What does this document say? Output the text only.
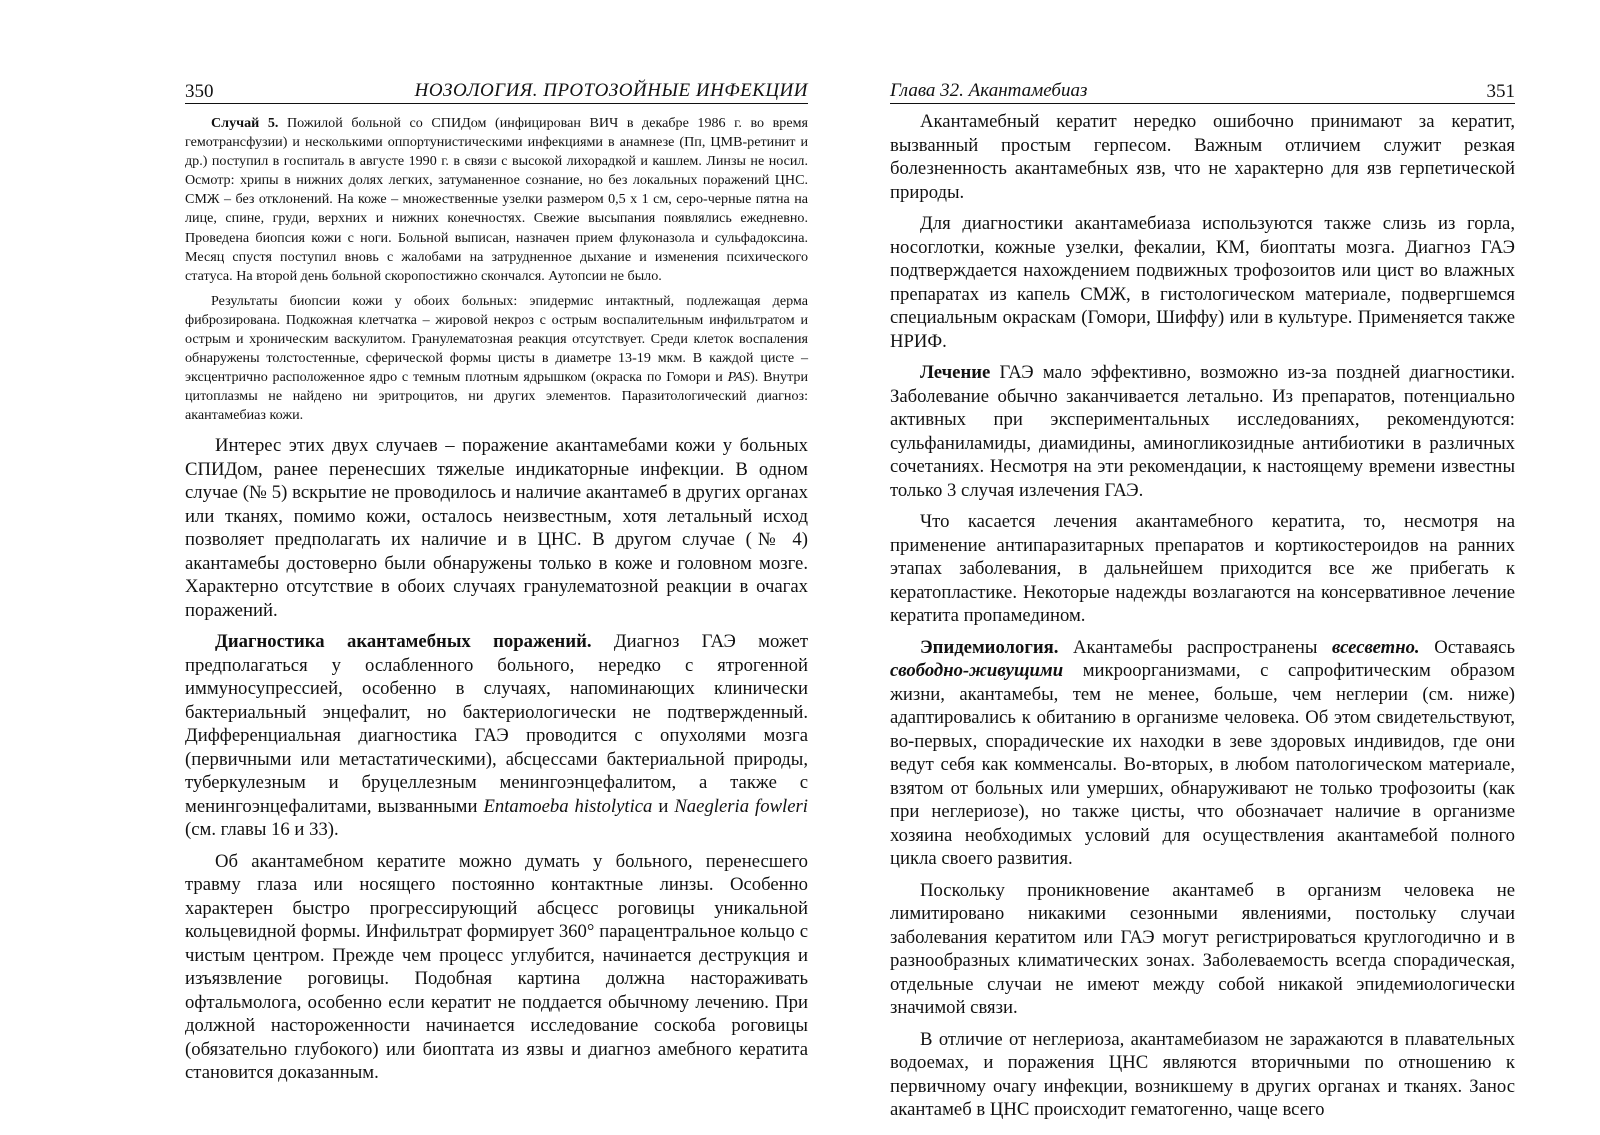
350	НОЗОЛОГИЯ. ПРОТОЗОЙНЫЕ ИНФЕКЦИИ

Случай 5. Пожилой больной со СПИДом (инфицирован ВИЧ в декабре 1986 г. во время гемотрансфузии) и несколькими оппортунистическими инфекциями в анамнезе (Пп, ЦМВ-ретинит и др.) поступил в госпиталь в августе 1990 г. в связи с высокой лихорадкой и кашлем. Линзы не носил. Осмотр: хрипы в нижних долях легких, затуманенное сознание, но без локальных поражений ЦНС. СМЖ – без отклонений. На коже – множественные узелки размером 0,5 х 1 см, серо-черные пятна на лице, спине, груди, верхних и нижних конечностях. Свежие высыпания появлялись ежедневно. Проведена биопсия кожи с ноги. Больной выписан, назначен прием флуконазола и сульфадоксина. Месяц спустя поступил вновь с жалобами на затрудненное дыхание и изменения психического статуса. На второй день больной скоропостижно скончался. Аутопсии не было.

Результаты биопсии кожи у обоих больных: эпидермис интактный, подлежащая дерма фиброзирована. Подкожная клетчатка – жировой некроз с острым воспалительным инфильтратом и острым и хроническим васкулитом. Гранулематозная реакция отсутствует. Среди клеток воспаления обнаружены толстостенные, сферической формы цисты в диаметре 13-19 мкм. В каждой цисте – эксцентрично расположенное ядро с темным плотным ядрышком (окраска по Гомори и PAS). Внутри цитоплазмы не найдено ни эритроцитов, ни других элементов. Паразитологический диагноз: акантамебиаз кожи.

Интерес этих двух случаев – поражение акантамебами кожи у больных СПИДом, ранее перенесших тяжелые индикаторные инфекции. В одном случае (№ 5) вскрытие не проводилось и наличие акантамеб в других органах или тканях, помимо кожи, осталось неизвестным, хотя летальный исход позволяет предполагать их наличие и в ЦНС. В другом случае (№ 4) акантамебы достоверно были обнаружены только в коже и головном мозге. Характерно отсутствие в обоих случаях гранулематозной реакции в очагах поражений.

Диагностика акантамебных поражений. Диагноз ГАЭ может предполагаться у ослабленного больного, нередко с ятрогенной иммуносупрессией, особенно в случаях, напоминающих клинически бактериальный энцефалит, но бактериологически не подтвержденный. Дифференциальная диагностика ГАЭ проводится с опухолями мозга (первичными или метастатическими), абсцессами бактериальной природы, туберкулезным и бруцеллезным менингоэнцефалитом, а также с менингоэнцефалитами, вызванными Entamoeba histolytica и Naegleria fowleri (см. главы 16 и 33).

Об акантамебном кератите можно думать у больного, перенесшего травму глаза или носящего постоянно контактные линзы. Особенно характерен быстро прогрессирующий абсцесс роговицы уникальной кольцевидной формы. Инфильтрат формирует 360° парацентральное кольцо с чистым центром. Прежде чем процесс углубится, начинается деструкция и изъязвление роговицы. Подобная картина должна настораживать офтальмолога, особенно если кератит не поддается обычному лечению. При должной настороженности начинается исследование соскоба роговицы (обязательно глубокого) или биоптата из язвы и диагноз амебного кератита становится доказанным.

Глава 32. Акантамебиаз	351

Акантамебный кератит нередко ошибочно принимают за кератит, вызванный простым герпесом. Важным отличием служит резкая болезненность акантамебных язв, что не характерно для язв герпетической природы.

Для диагностики акантамебиаза используются также слизь из горла, носоглотки, кожные узелки, фекалии, КМ, биоптаты мозга. Диагноз ГАЭ подтверждается нахождением подвижных трофозоитов или цист во влажных препаратах из капель СМЖ, в гистологическом материале, подвергшемся специальным окраскам (Гомори, Шиффу) или в культуре. Применяется также НРИФ.

Лечение ГАЭ мало эффективно, возможно из-за поздней диагностики. Заболевание обычно заканчивается летально. Из препаратов, потенциально активных при экспериментальных исследованиях, рекомендуются: сульфаниламиды, диамидины, аминогликозидные антибиотики в различных сочетаниях. Несмотря на эти рекомендации, к настоящему времени известны только 3 случая излечения ГАЭ.

Что касается лечения акантамебного кератита, то, несмотря на применение антипаразитарных препаратов и кортикостероидов на ранних этапах заболевания, в дальнейшем приходится все же прибегать к кератопластике. Некоторые надежды возлагаются на консервативное лечение кератита пропамедином.

Эпидемиология. Акантамебы распространены всесветно. Оставаясь свободно-живущими микроорганизмами, с сапрофитическим образом жизни, акантамебы, тем не менее, больше, чем неглерии (см. ниже) адаптировались к обитанию в организме человека. Об этом свидетельствуют, во-первых, спорадические их находки в зеве здоровых индивидов, где они ведут себя как комменсалы. Во-вторых, в любом патологическом материале, взятом от больных или умерших, обнаруживают не только трофозоиты (как при неглериозе), но также цисты, что обозначает наличие в организме хозяина необходимых условий для осуществления акантамебой полного цикла своего развития.

Поскольку проникновение акантамеб в организм человека не лимитировано никакими сезонными явлениями, постольку случаи заболевания кератитом или ГАЭ могут регистрироваться круглогодично и в разнообразных климатических зонах. Заболеваемость всегда спорадическая, отдельные случаи не имеют между собой никакой эпидемиологически значимой связи.

В отличие от неглериоза, акантамебиазом не заражаются в плавательных водоемах, и поражения ЦНС являются вторичными по отношению к первичному очагу инфекции, возникшему в других органах и тканях. Занос акантамеб в ЦНС происходит гематогенно, чаще всего
